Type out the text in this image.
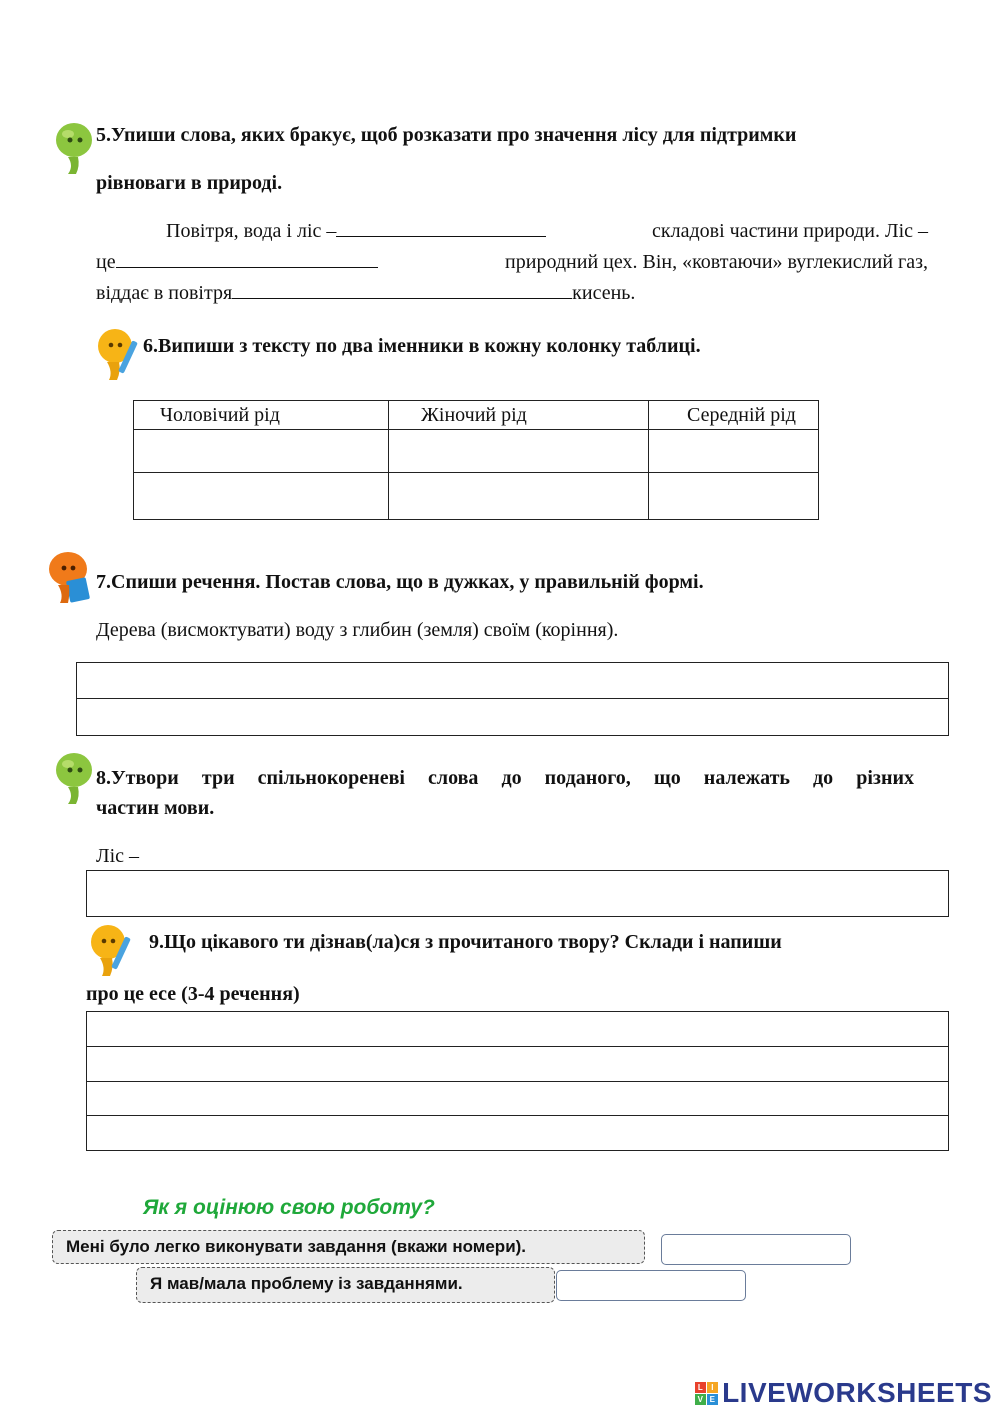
5.Упиши слова, яких бракує, щоб розказати про значення лісу для підтримки
рівноваги в природі.
Повітря, вода і ліс –	складові частини природи. Ліс –
це	природний цех. Він, «ковтаючи» вуглекислий газ,
віддає в повітря	кисень.
6.Випиши з тексту по два іменники в кожну колонку таблиці.
Чоловічий рід	Жіночий рід	Середній рід

7.Спиши речення. Постав слова, що в дужках, у правильній формі.
Дерева (висмоктувати) воду з глибин (земля) своїм (коріння).
8.Утвори три спільнокореневі слова до поданого, що належать до різних
частин мови.
Ліс –
9.Що цікавого ти дізнав(ла)ся з прочитаного твору? Склади і напиши
про це есе (3-4 речення)
Як я оцінюю свою роботу?
Мені було легко виконувати завдання (вкажи номери).
Я мав/мала проблему із завданнями.
L I
V E LIVEWORKSHEETS
